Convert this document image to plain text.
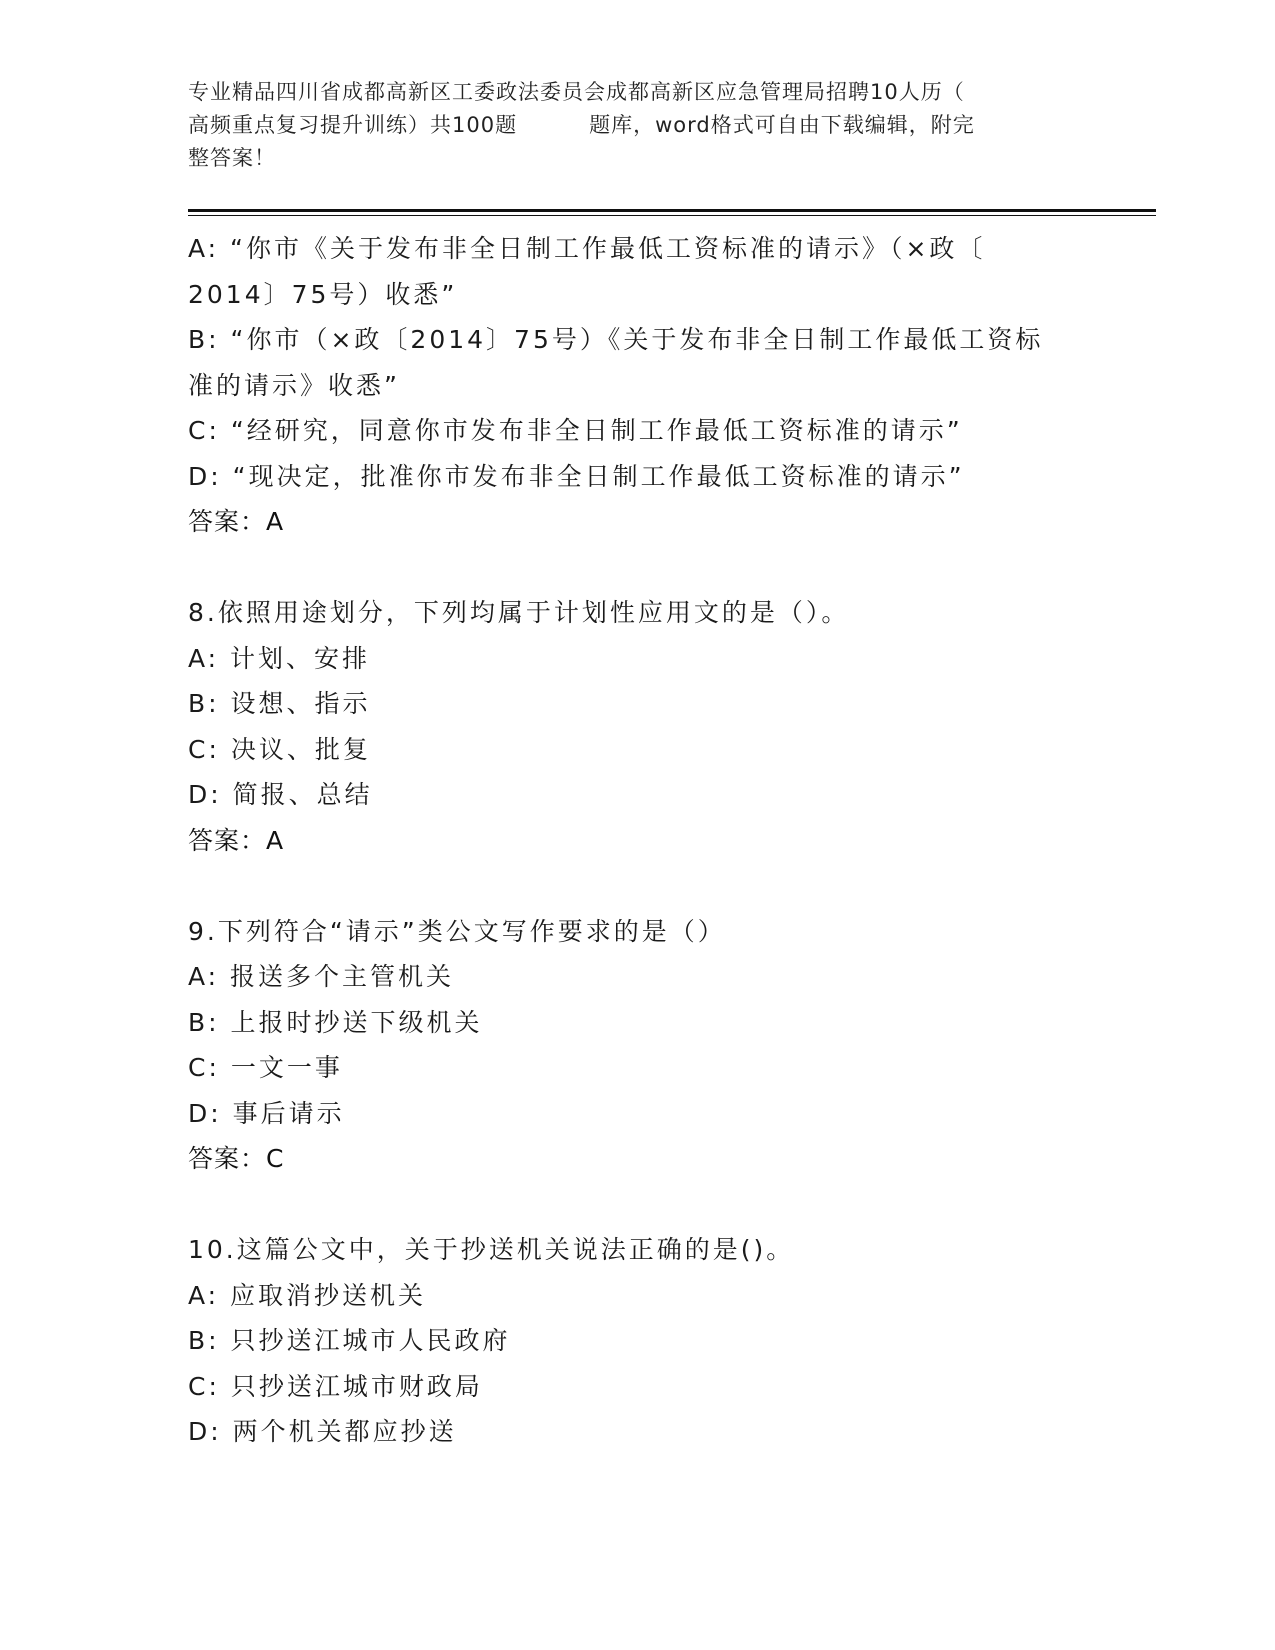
专业精品四川省成都高新区工委政法委员会成都高新区应急管理局招聘10人历（
高频重点复习提升训练）共100题	题库，word格式可自由下载编辑，附完
整答案！
A: “你市《关于发布非全日制工作最低工资标准的请示》（×政〔
2014〕75号）收悉”
B: “你市（×政〔2014〕75号）《关于发布非全日制工作最低工资标
准的请示》收悉”
C: “经研究，同意你市发布非全日制工作最低工资标准的请示”
D: “现决定，批准你市发布非全日制工作最低工资标准的请示”
答案：A
8.依照用途划分，下列均属于计划性应用文的是（）。
A: 计划、安排
B: 设想、指示
C: 决议、批复
D: 简报、总结
答案：A
9.下列符合“请示”类公文写作要求的是（）
A: 报送多个主管机关
B: 上报时抄送下级机关
C: 一文一事
D: 事后请示
答案：C
10.这篇公文中，关于抄送机关说法正确的是()。
A: 应取消抄送机关
B: 只抄送江城市人民政府
C: 只抄送江城市财政局
D: 两个机关都应抄送
